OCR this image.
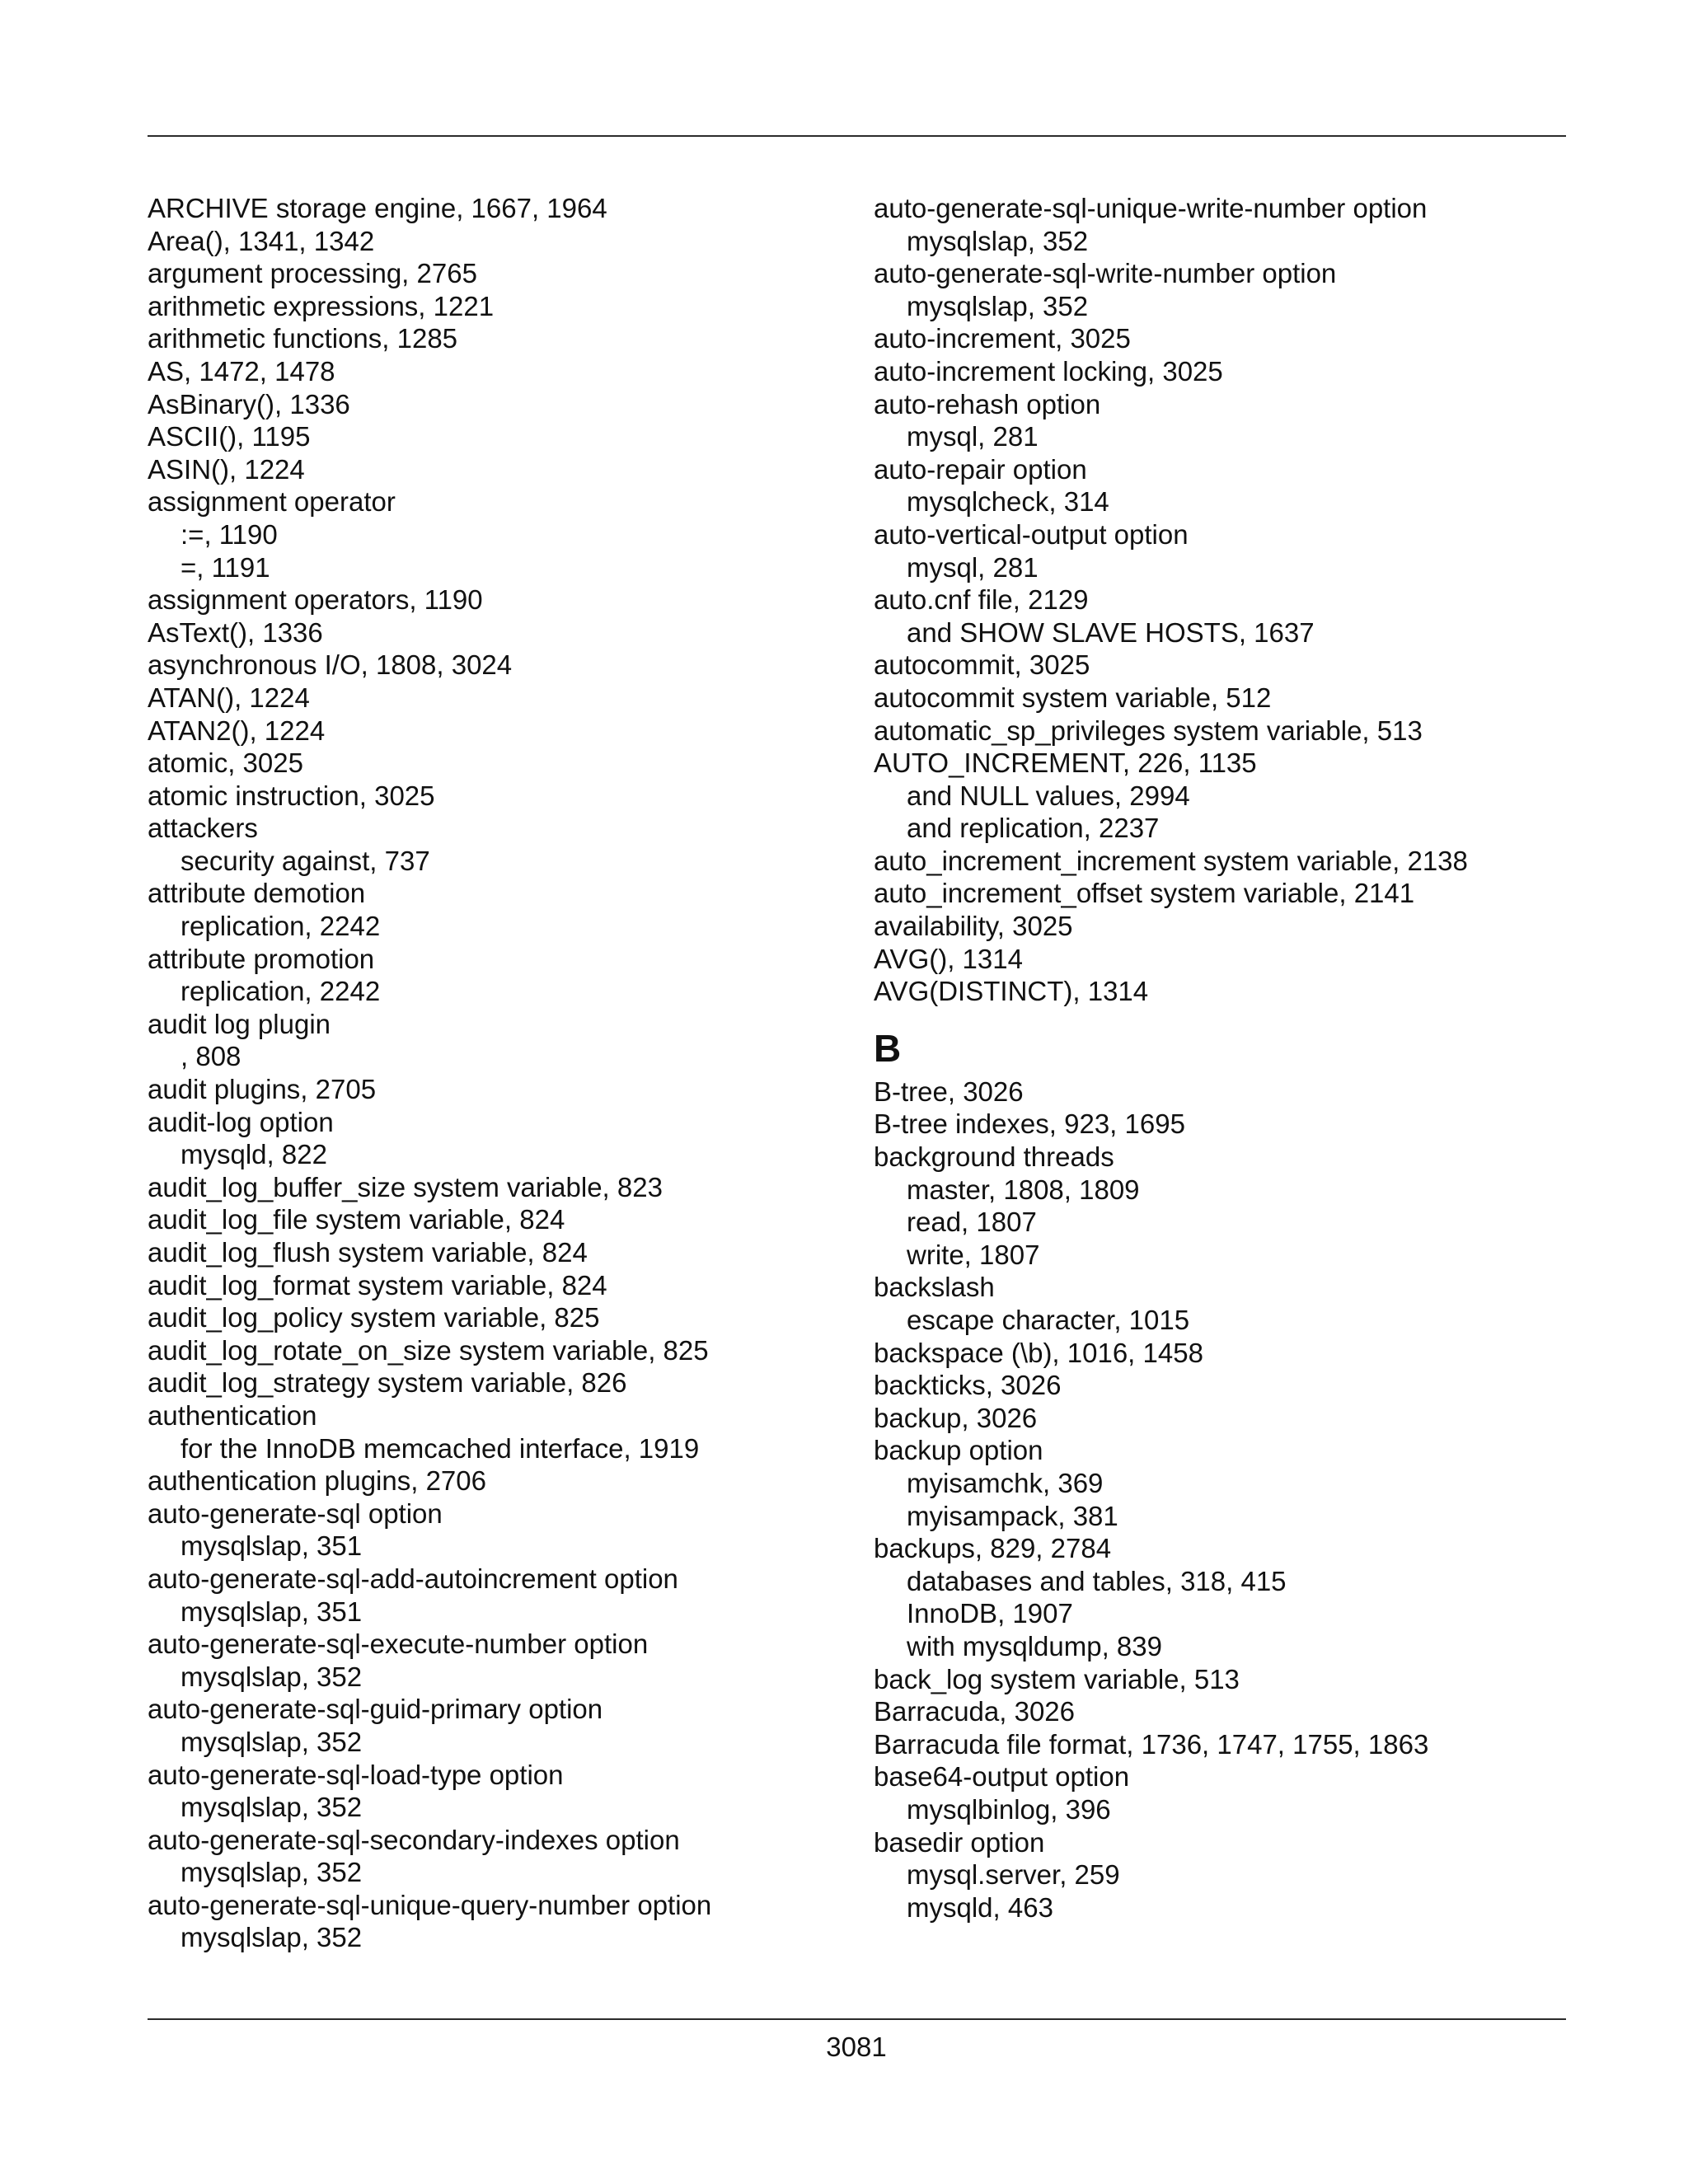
ARCHIVE storage engine, 1667, 1964
Area(), 1341, 1342
argument processing, 2765
arithmetic expressions, 1221
arithmetic functions, 1285
AS, 1472, 1478
AsBinary(), 1336
ASCII(), 1195
ASIN(), 1224
assignment operator
:=, 1190
=, 1191
assignment operators, 1190
AsText(), 1336
asynchronous I/O, 1808, 3024
ATAN(), 1224
ATAN2(), 1224
atomic, 3025
atomic instruction, 3025
attackers
security against, 737
attribute demotion
replication, 2242
attribute promotion
replication, 2242
audit log plugin
, 808
audit plugins, 2705
audit-log option
mysqld, 822
audit_log_buffer_size system variable, 823
audit_log_file system variable, 824
audit_log_flush system variable, 824
audit_log_format system variable, 824
audit_log_policy system variable, 825
audit_log_rotate_on_size system variable, 825
audit_log_strategy system variable, 826
authentication
for the InnoDB memcached interface, 1919
authentication plugins, 2706
auto-generate-sql option
mysqlslap, 351
auto-generate-sql-add-autoincrement option
mysqlslap, 351
auto-generate-sql-execute-number option
mysqlslap, 352
auto-generate-sql-guid-primary option
mysqlslap, 352
auto-generate-sql-load-type option
mysqlslap, 352
auto-generate-sql-secondary-indexes option
mysqlslap, 352
auto-generate-sql-unique-query-number option
mysqlslap, 352
auto-generate-sql-unique-write-number option
mysqlslap, 352
auto-generate-sql-write-number option
mysqlslap, 352
auto-increment, 3025
auto-increment locking, 3025
auto-rehash option
mysql, 281
auto-repair option
mysqlcheck, 314
auto-vertical-output option
mysql, 281
auto.cnf file, 2129
and SHOW SLAVE HOSTS, 1637
autocommit, 3025
autocommit system variable, 512
automatic_sp_privileges system variable, 513
AUTO_INCREMENT, 226, 1135
and NULL values, 2994
and replication, 2237
auto_increment_increment system variable, 2138
auto_increment_offset system variable, 2141
availability, 3025
AVG(), 1314
AVG(DISTINCT), 1314
B
B-tree, 3026
B-tree indexes, 923, 1695
background threads
master, 1808, 1809
read, 1807
write, 1807
backslash
escape character, 1015
backspace (\b), 1016, 1458
backticks, 3026
backup, 3026
backup option
myisamchk, 369
myisampack, 381
backups, 829, 2784
databases and tables, 318, 415
InnoDB, 1907
with mysqldump, 839
back_log system variable, 513
Barracuda, 3026
Barracuda file format, 1736, 1747, 1755, 1863
base64-output option
mysqlbinlog, 396
basedir option
mysql.server, 259
mysqld, 463
3081
